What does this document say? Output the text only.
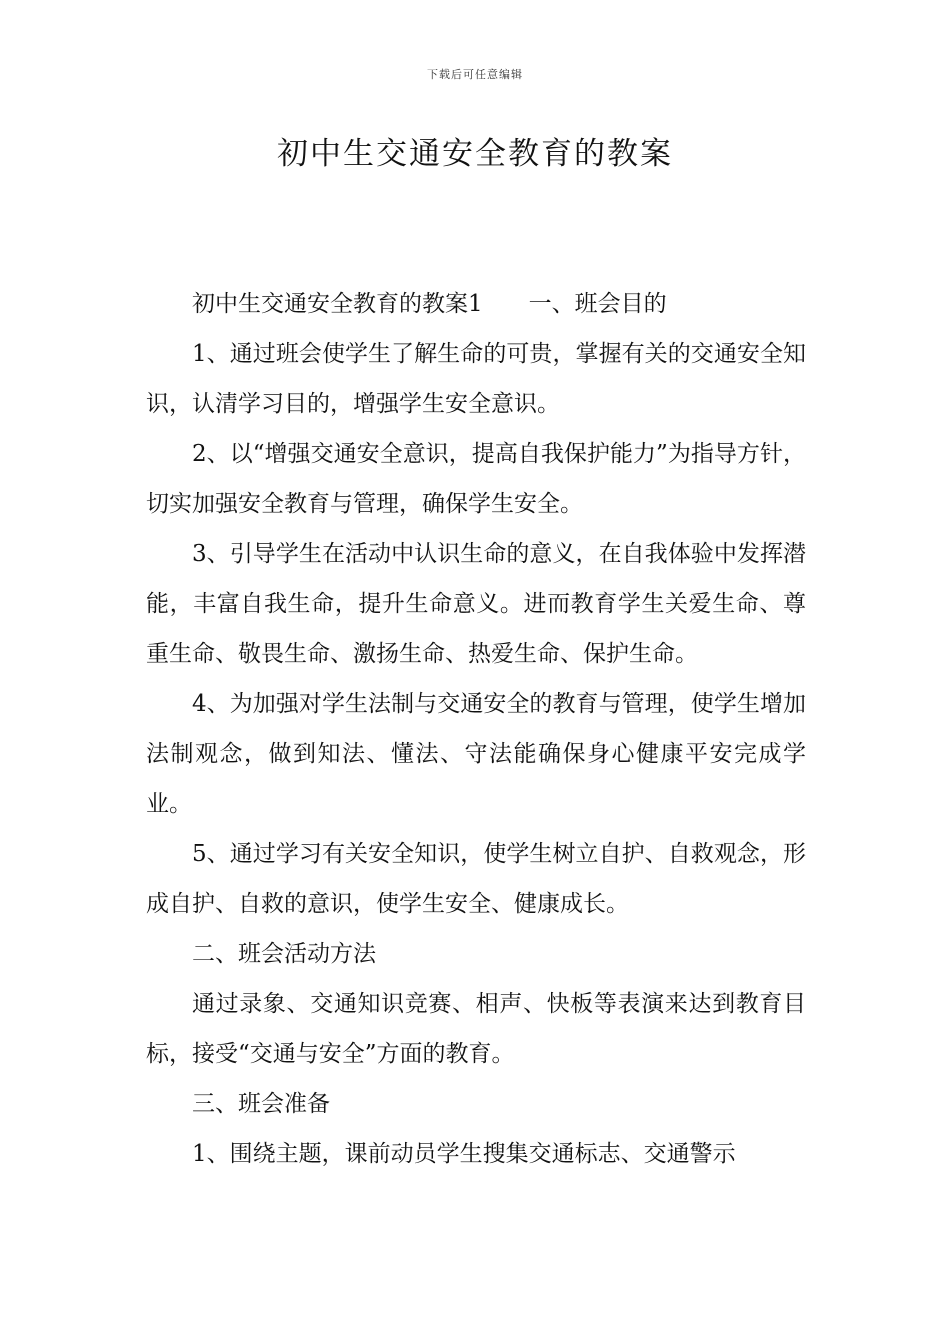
下载后可任意编辑
初中生交通安全教育的教案

初中生交通安全教育的教案1 一、班会目的

1、通过班会使学生了解生命的可贵，掌握有关的交通安全知识，认清学习目的，增强学生安全意识。

2、以“增强交通安全意识，提高自我保护能力”为指导方针，切实加强安全教育与管理，确保学生安全。

3、引导学生在活动中认识生命的意义，在自我体验中发挥潜能，丰富自我生命，提升生命意义。进而教育学生关爱生命、尊重生命、敬畏生命、激扬生命、热爱生命、保护生命。

4、为加强对学生法制与交通安全的教育与管理，使学生增加法制观念，做到知法、懂法、守法能确保身心健康平安完成学业。

5、通过学习有关安全知识，使学生树立自护、自救观念，形成自护、自救的意识，使学生安全、健康成长。

二、班会活动方法

通过录象、交通知识竞赛、相声、快板等表演来达到教育目标，接受“交通与安全”方面的教育。

三、班会准备

1、围绕主题，课前动员学生搜集交通标志、交通警示
